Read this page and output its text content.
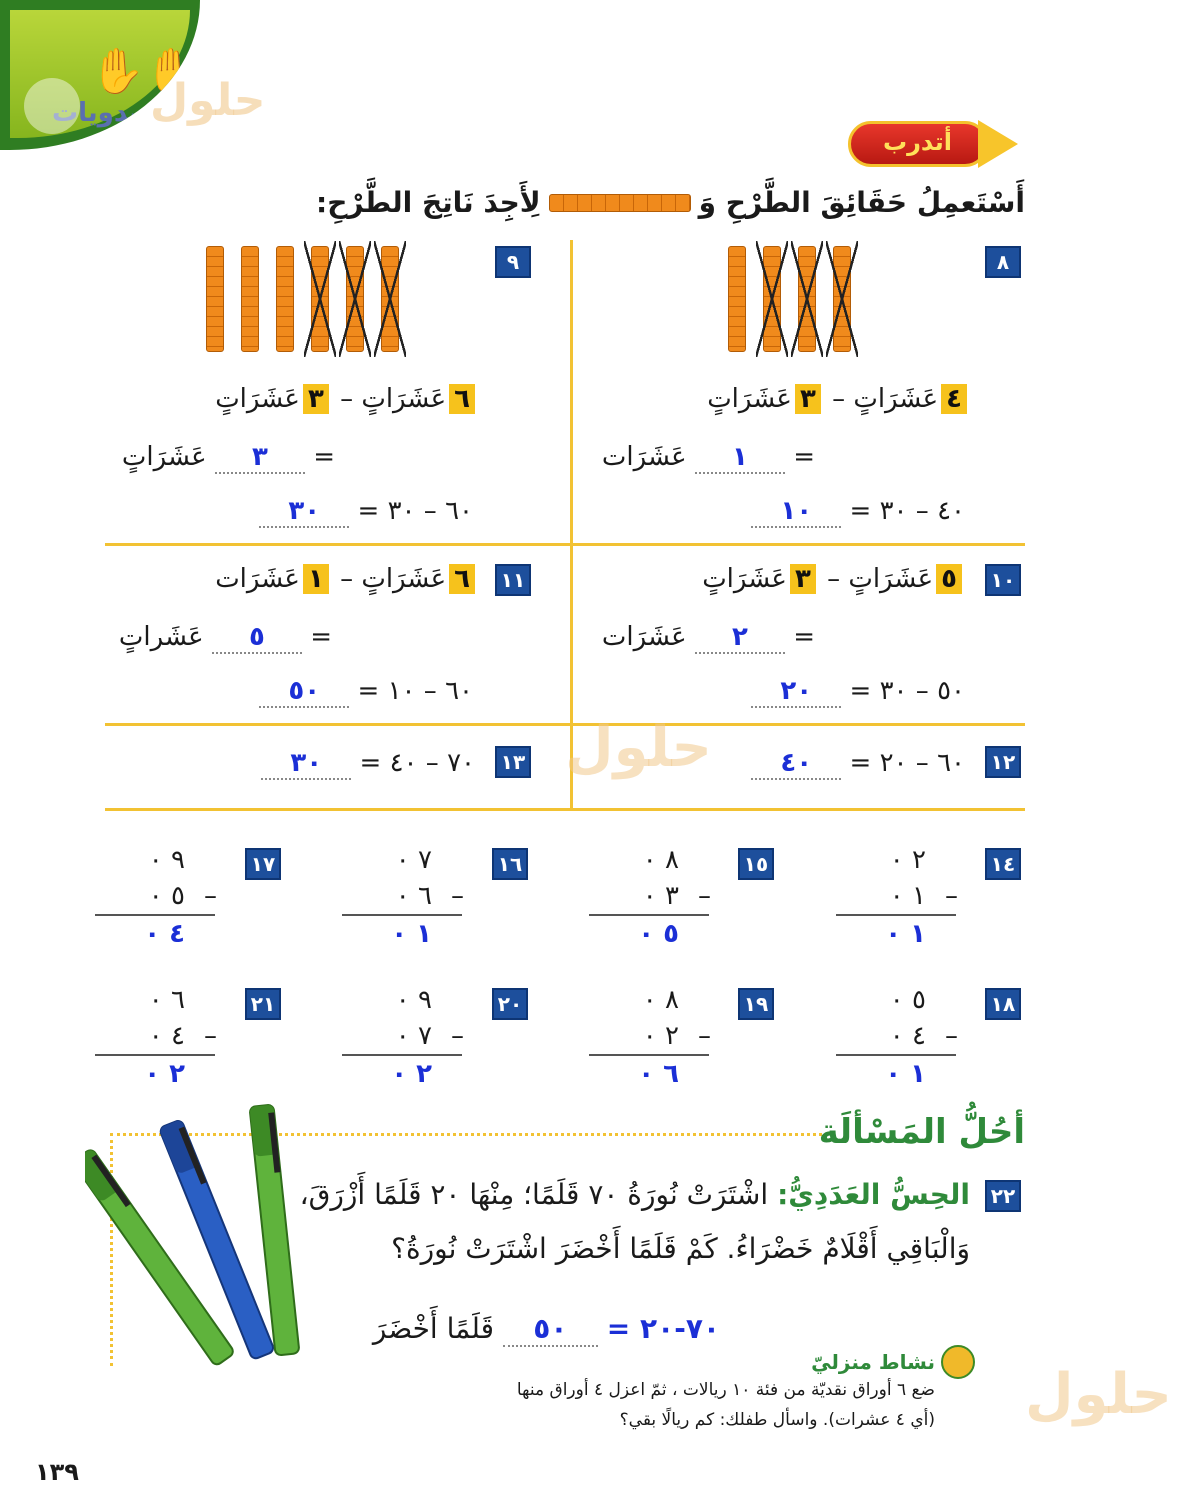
✋✋
يدويات حلول
أتدرب
أَسْتَعمِلُ حَقَائِقَ الطَّرْحِ وَ
لِأَجِدَ نَاتِجَ الطَّرْحِ:
٨
٩
١٠
١١
١٢
١٣
٤عَشَرَاتٍ – ٣عَشَرَاتٍ
= ١ عَشَرَات
٤٠ – ٣٠ = ١٠
٦عَشَرَاتٍ – ٣عَشَرَاتٍ
= ٣ عَشَرَاتٍ
٦٠ – ٣٠ = ٣٠
٥عَشَرَاتٍ – ٣عَشَرَاتٍ
= ٢ عَشَرَات
٥٠ – ٣٠ = ٢٠
٦عَشَرَاتٍ – ١عَشَرَات
= ٥ عَشَراتٍ
٦٠ – ١٠ = ٥٠
٦٠ – ٢٠ = ٤٠
٧٠ – ٤٠ = ٣٠	حلول
١٤
٢ ٠
١ ٠ –
١ ٠
١٥
٨ ٠
٣ ٠ –
٥ ٠
١٦
٧ ٠
٦ ٠ –
١ ٠
١٧
٩ ٠
٥ ٠ –
٤ ٠
١٨
٥ ٠
٤ ٠ –
١ ٠
١٩
٨ ٠
٢ ٠ –
٦ ٠
٢٠
٩ ٠
٧ ٠ –
٢ ٠
٢١
٦ ٠
٤ ٠ –
٢ ٠
أحُلُّ المَسْألَة
٢٢
الحِسُّ العَدَدِيُّ: اشْتَرَتْ نُورَةُ ٧٠ قَلَمًا؛ مِنْهَا ٢٠ قَلَمًا أَزْرَقَ،
وَالْبَاقِي أَقْلَامٌ خَضْرَاءُ. كَمْ قَلَمًا أَخْضَرَ اشْتَرَتْ نُورَةُ؟
٧٠-٢٠ = ٥٠ قَلَمًا أَخْضَرَ
نشاط منزليّ
ضع ٦ أوراق نقديّة من فئة ١٠ ريالات ، ثمّ اعزل ٤ أوراق منها
(أي ٤ عشرات). واسأل طفلك: كم ريالًا بقي؟ حلول
١٣٩
